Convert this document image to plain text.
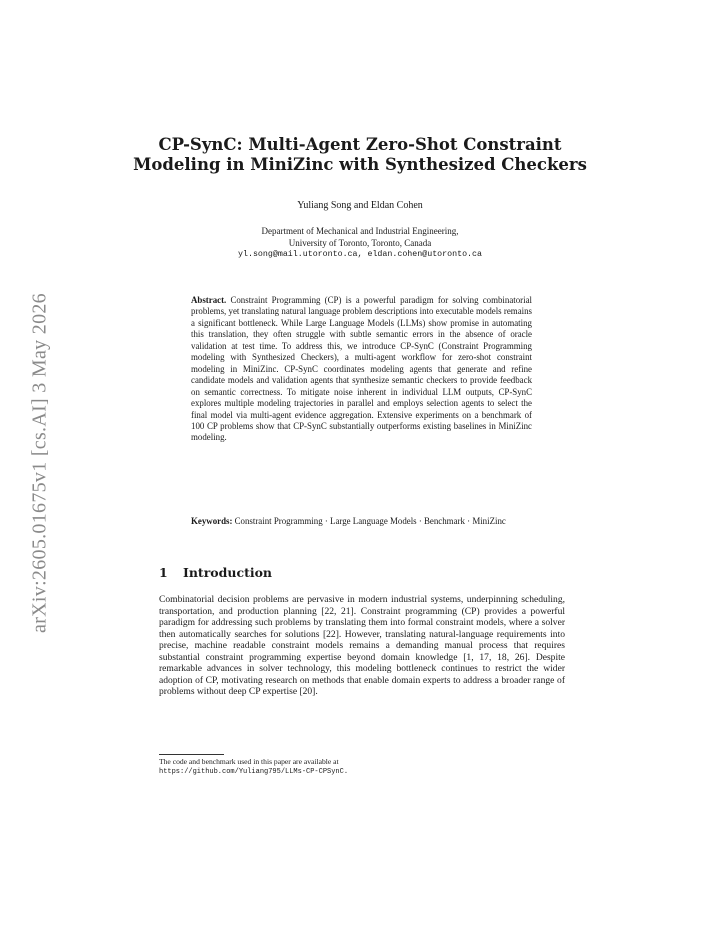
arXiv:2605.01675v1 [cs.AI] 3 May 2026
CP-SynC: Multi-Agent Zero-Shot Constraint
Modeling in MiniZinc with Synthesized Checkers
Yuliang Song and Eldan Cohen
Department of Mechanical and Industrial Engineering,
University of Toronto, Toronto, Canada
yl.song@mail.utoronto.ca, eldan.cohen@utoronto.ca
Abstract. Constraint Programming (CP) is a powerful paradigm for solving combinatorial problems, yet translating natural language problem descriptions into executable models remains a significant bottleneck. While Large Language Models (LLMs) show promise in automating this translation, they often struggle with subtle semantic errors in the absence of oracle validation at test time. To address this, we introduce CP-SynC (Constraint Programming modeling with Synthesized Checkers), a multi-agent workflow for zero-shot constraint modeling in MiniZinc. CP-SynC coordinates modeling agents that generate and refine candidate models and validation agents that synthesize semantic checkers to provide feedback on semantic correctness. To mitigate noise inherent in individual LLM outputs, CP-SynC explores multiple modeling trajectories in parallel and employs selection agents to select the final model via multi-agent evidence aggregation. Extensive experiments on a benchmark of 100 CP problems show that CP-SynC substantially outperforms existing baselines in MiniZinc modeling.
Keywords: Constraint Programming · Large Language Models · Benchmark · MiniZinc
1 Introduction
Combinatorial decision problems are pervasive in modern industrial systems, underpinning scheduling, transportation, and production planning [22, 21]. Constraint programming (CP) provides a powerful paradigm for addressing such problems by translating them into formal constraint models, where a solver then automatically searches for solutions [22]. However, translating natural-language requirements into precise, machine readable constraint models remains a demanding manual process that requires substantial constraint programming expertise beyond domain knowledge [1, 17, 18, 26]. Despite remarkable advances in solver technology, this modeling bottleneck continues to restrict the wider adoption of CP, motivating research on methods that enable domain experts to address a broader range of problems without deep CP expertise [20].
The code and benchmark used in this paper are available at
https://github.com/Yuliang795/LLMs-CP-CPSynC.
